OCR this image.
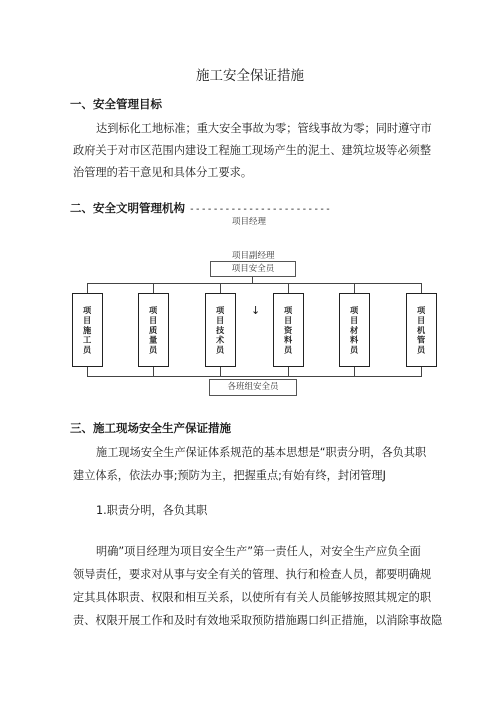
施工安全保证措施
一、安全管理目标
达到标化工地标准；重大安全事故为零；管线事故为零；同时遵守市
政府关于对市区范围内建设工程施工现场产生的泥土、建筑垃圾等必须整
治管理的若干意见和具体分工要求。
二、安全文明管理机构 ------------------------
项目经理
项目副经理
项目安全员
项目施工员	项目质量员	项目技术员	项目资料员	项目材料员	项目机管员
↓
各班组安全员
三、施工现场安全生产保证措施
施工现场安全生产保证体系规范的基本思想是“职责分明，各负其职
建立体系，依法办事;预防为主，把握重点;有始有终，封闭管理J
1.职责分明，各负其职
明确”项目经理为项目安全生产”第一责任人，对安全生产应负全面
领导责任，要求对从事与安全有关的管理、执行和检查人员，都要明确规
定其具体职责、权限和相互关系，以使所有有关人员能够按照其规定的职
责、权限开展工作和及时有效地采取预防措施踢口纠正措施，以消除事故隐
